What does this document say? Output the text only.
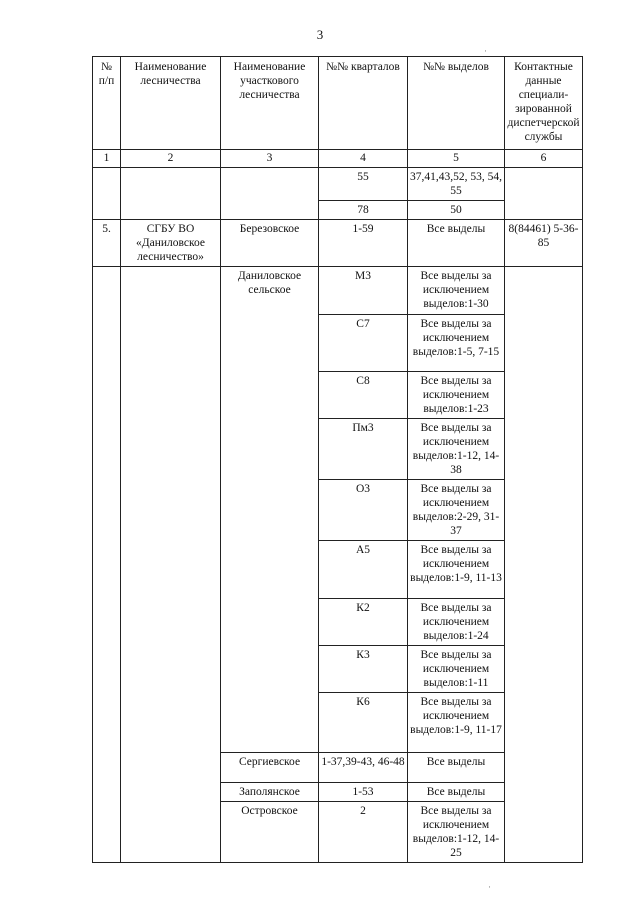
3
№ п/п	Наименование лесничества	Наименование участкового лесничества	№№ кварталов	№№ выделов	Контактные данные специали-зированной диспетчерской службы
1	2	3	4	5	6
			55	37,41,43,52, 53, 54, 55	
			78	50	
5.	СГБУ ВО «Даниловское лесничество»	Березовское	1-59	Все выделы	8(84461) 5-36-85
		Даниловское сельское	М3	Все выделы за исключением выделов:1-30	
			С7	Все выделы за исключением выделов:1-5, 7-15	
			С8	Все выделы за исключением выделов:1-23	
			Пм3	Все выделы за исключением выделов:1-12, 14-38	
			О3	Все выделы за исключением выделов:2-29, 31-37	
			А5	Все выделы за исключением выделов:1-9, 11-13	
			К2	Все выделы за исключением выделов:1-24	
			К3	Все выделы за исключением выделов:1-11	
			К6	Все выделы за исключением выделов:1-9, 11-17	
		Сергиевское	1-37,39-43, 46-48	Все выделы	
		Заполянское	1-53	Все выделы	
		Островское	2	Все выделы за исключением выделов:1-12, 14-25	
·
·
